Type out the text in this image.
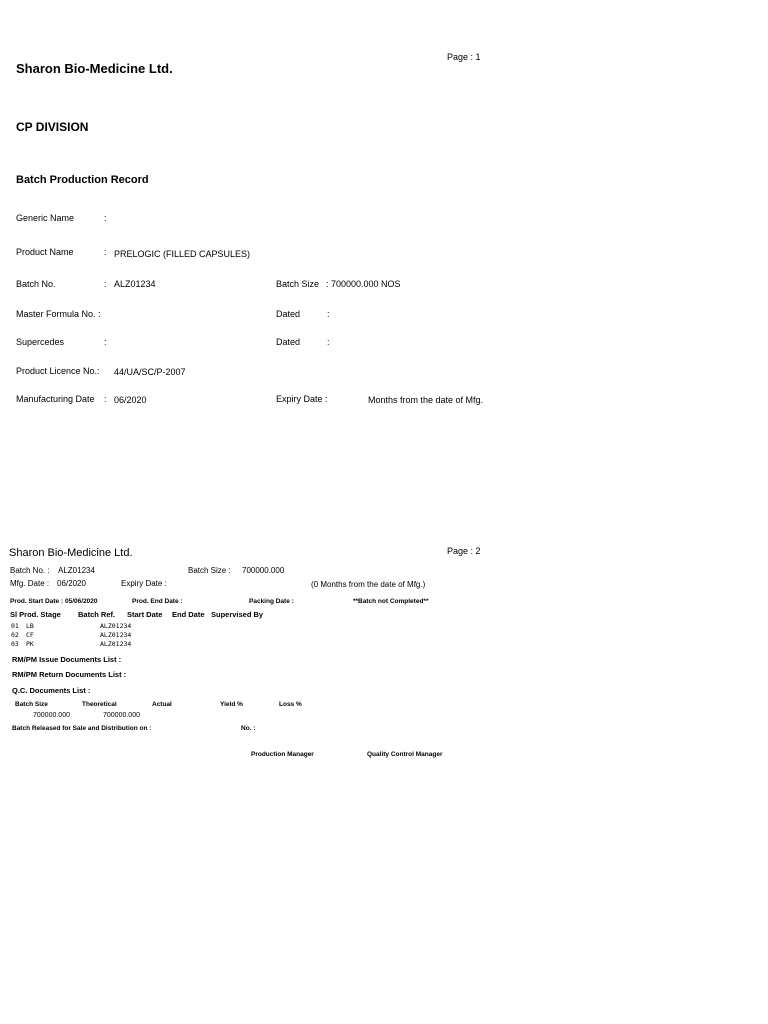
Page : 1
Sharon Bio-Medicine Ltd.
CP DIVISION
Batch Production Record
Generic Name	:
Product Name	: PRELOGIC (FILLED CAPSULES)
Batch No.	: ALZ01234	Batch Size : 700000.000 NOS
Master Formula No. :	Dated	:
Supercedes	:	Dated	:
Product Licence No.: 44/UA/SC/P-2007
Manufacturing Date : 06/2020	Expiry Date :	Months from the date of Mfg.
Page : 2
Sharon Bio-Medicine Ltd.
Batch No. : ALZ01234	Batch Size : 700000.000
Mfg. Date : 06/2020	Expiry Date :	(0 Months from the date of Mfg.)
Prod. Start Date : 05/06/2020	Prod. End Date :	Packing Date :	**Batch not Completed**
Sl Prod. Stage Batch Ref. Start Date End Date Supervised By
01 LB	ALZ01234
02 CF	ALZ01234
03 PK	ALZ01234
RM/PM Issue Documents List :
RM/PM Return Documents List :
Q.C. Documents List :
Batch Size	Theoretical	Actual	Yield %	Loss %
700000.000	700000.000
Batch Released for Sale and Distribution on :	No. :
Production Manager	Quality Control Manager
